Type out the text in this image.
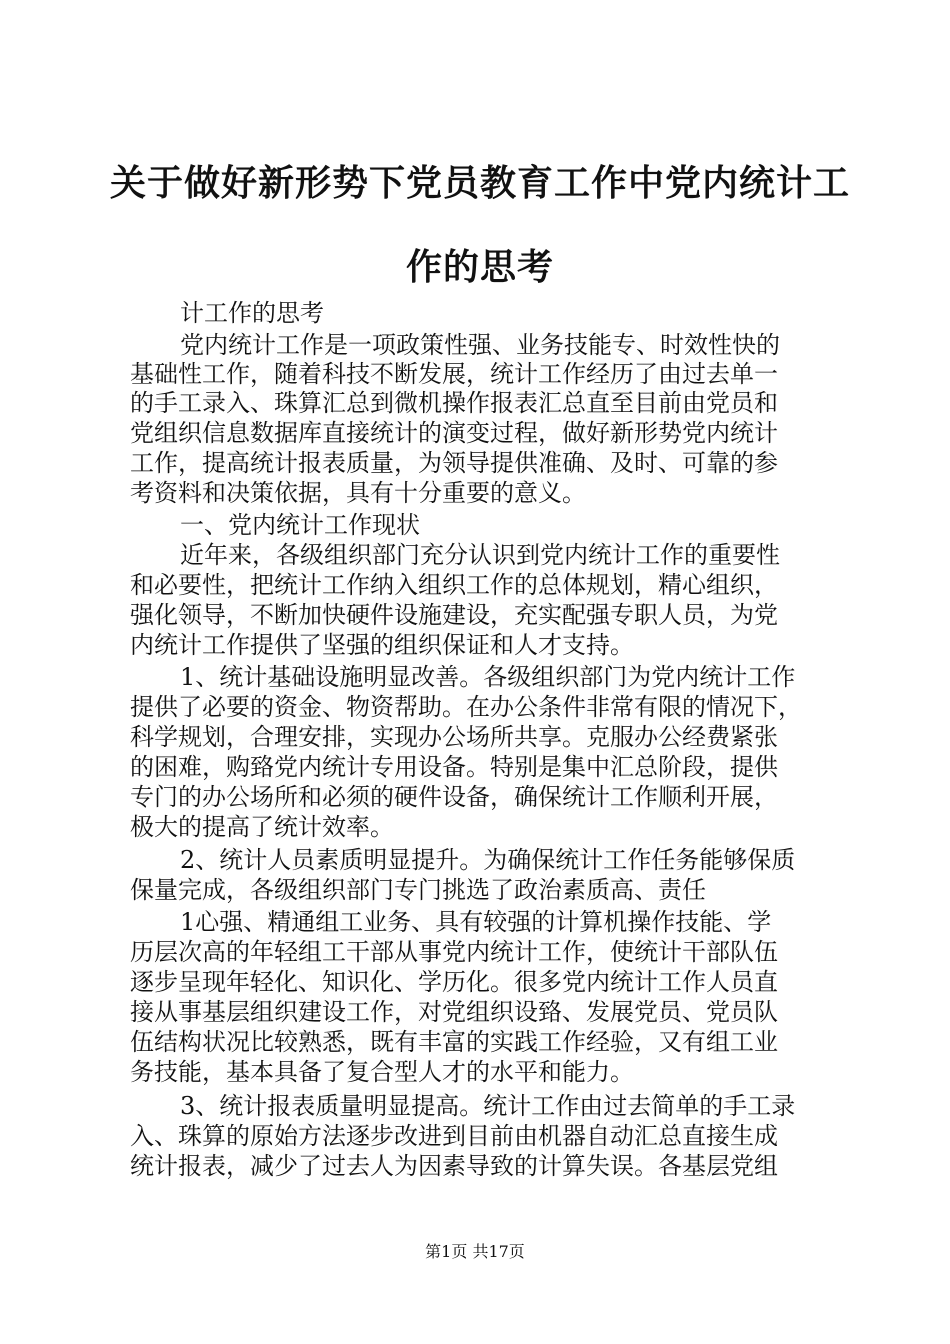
关于做好新形势下党员教育工作中党内统计工
作的思考

计工作的思考

党内统计工作是一项政策性强、业务技能专、时效性快的

基础性工作，随着科技不断发展，统计工作经历了由过去单一

的手工录入、珠算汇总到微机操作报表汇总直至目前由党员和

党组织信息数据库直接统计的演变过程，做好新形势党内统计

工作，提高统计报表质量，为领导提供准确、及时、可靠的参

考资料和决策依据，具有十分重要的意义。

一、党内统计工作现状

近年来，各级组织部门充分认识到党内统计工作的重要性

和必要性，把统计工作纳入组织工作的总体规划，精心组织，

强化领导，不断加快硬件设施建设，充实配强专职人员，为党

内统计工作提供了坚强的组织保证和人才支持。

1、统计基础设施明显改善。各级组织部门为党内统计工作

提供了必要的资金、物资帮助。在办公条件非常有限的情况下，

科学规划，合理安排，实现办公场所共享。克服办公经费紧张

的困难，购臵党内统计专用设备。特别是集中汇总阶段，提供

专门的办公场所和必须的硬件设备，确保统计工作顺利开展，

极大的提高了统计效率。

2、统计人员素质明显提升。为确保统计工作任务能够保质

保量完成，各级组织部门专门挑选了政治素质高、责任

1心强、精通组工业务、具有较强的计算机操作技能、学

历层次高的年轻组工干部从事党内统计工作，使统计干部队伍

逐步呈现年轻化、知识化、学历化。很多党内统计工作人员直

接从事基层组织建设工作，对党组织设臵、发展党员、党员队

伍结构状况比较熟悉，既有丰富的实践工作经验，又有组工业

务技能，基本具备了复合型人才的水平和能力。

3、统计报表质量明显提高。统计工作由过去简单的手工录

入、珠算的原始方法逐步改进到目前由机器自动汇总直接生成

统计报表，减少了过去人为因素导致的计算失误。各基层党组

第1页 共17页
